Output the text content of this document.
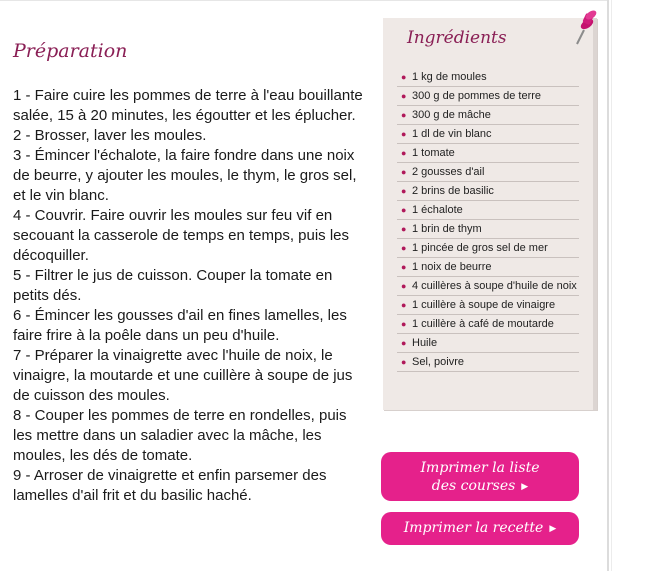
Préparation
1 - Faire cuire les pommes de terre à l'eau bouillante salée, 15 à 20 minutes, les égoutter et les éplucher.
2 - Brosser, laver les moules.
3 - Émincer l'échalote, la faire fondre dans une noix de beurre, y ajouter les moules, le thym, le gros sel, et le vin blanc.
4 - Couvrir. Faire ouvrir les moules sur feu vif en secouant la casserole de temps en temps, puis les décoquiller.
5 - Filtrer le jus de cuisson. Couper la tomate en petits dés.
6 - Émincer les gousses d'ail en fines lamelles, les faire frire à la poêle dans un peu d'huile.
7 - Préparer la vinaigrette avec l'huile de noix, le vinaigre, la moutarde et une cuillère à soupe de jus de cuisson des moules.
8 - Couper les pommes de terre en rondelles, puis les mettre dans un saladier avec la mâche, les moules, les dés de tomate.
9 - Arroser de vinaigrette et enfin parsemer des lamelles d'ail frit et du basilic haché.
Ingrédients
● 1 kg de moules
● 300 g de pommes de terre
● 300 g de mâche
● 1 dl de vin blanc
● 1 tomate
● 2 gousses d'ail
● 2 brins de basilic
● 1 échalote
● 1 brin de thym
● 1 pincée de gros sel de mer
● 1 noix de beurre
● 4 cuillères à soupe d'huile de noix
● 1 cuillère à soupe de vinaigre
● 1 cuillère à café de moutarde
● Huile
● Sel, poivre
Imprimer la liste
des courses ▶
Imprimer la recette ▶
